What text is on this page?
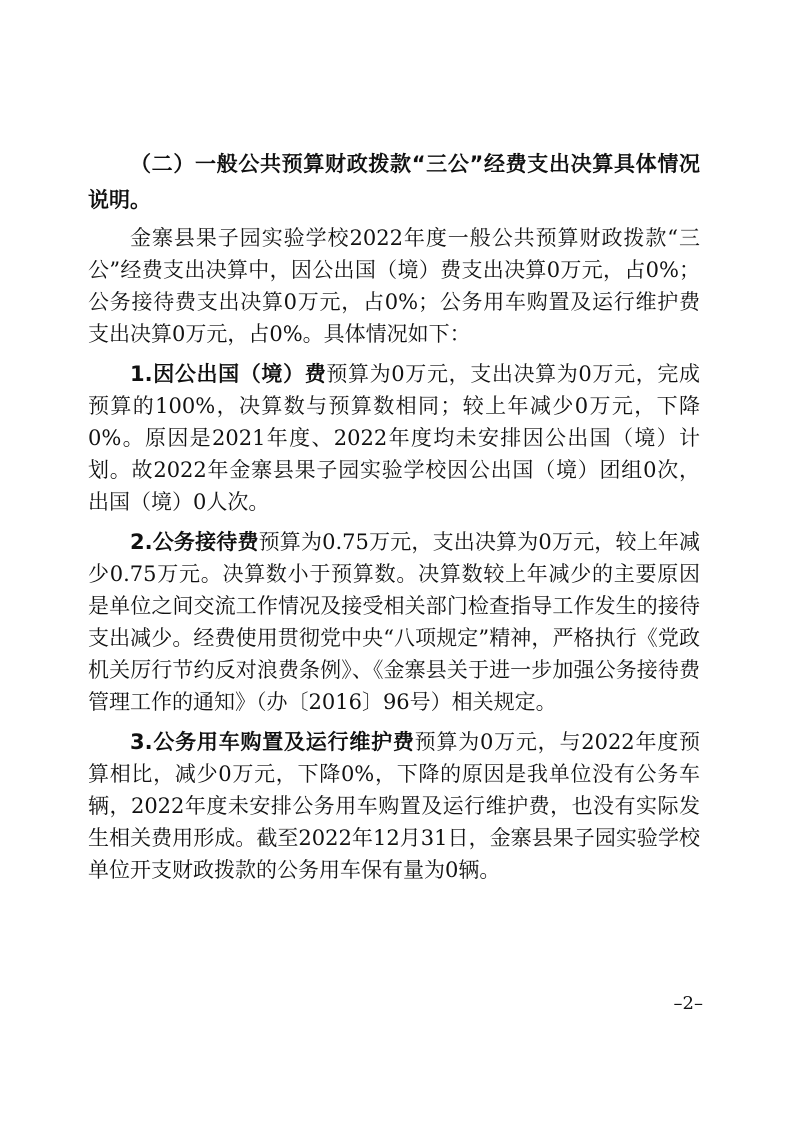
（二）一般公共预算财政拨款“三公”经费支出决算具体情况说明。

金寨县果子园实验学校2022年度一般公共预算财政拨款“三公”经费支出决算中，因公出国（境）费支出决算0万元，占0%；公务接待费支出决算0万元，占0%；公务用车购置及运行维护费支出决算0万元，占0%。具体情况如下：

1.因公出国（境）费预算为0万元，支出决算为0万元，完成预算的100%，决算数与预算数相同；较上年减少0万元，下降0%。原因是2021年度、2022年度均未安排因公出国（境）计划。故2022年金寨县果子园实验学校因公出国（境）团组0次，出国（境）0人次。

2.公务接待费预算为0.75万元，支出决算为0万元，较上年减少0.75万元。决算数小于预算数。决算数较上年减少的主要原因是单位之间交流工作情况及接受相关部门检查指导工作发生的接待支出减少。经费使用贯彻党中央“八项规定”精神，严格执行《党政机关厉行节约反对浪费条例》、《金寨县关于进一步加强公务接待费管理工作的通知》（办〔2016〕96号）相关规定。

3.公务用车购置及运行维护费预算为0万元，与2022年度预算相比，减少0万元，下降0%，下降的原因是我单位没有公务车辆，2022年度未安排公务用车购置及运行维护费，也没有实际发生相关费用形成。截至2022年12月31日，金寨县果子园实验学校单位开支财政拨款的公务用车保有量为0辆。

–2–
